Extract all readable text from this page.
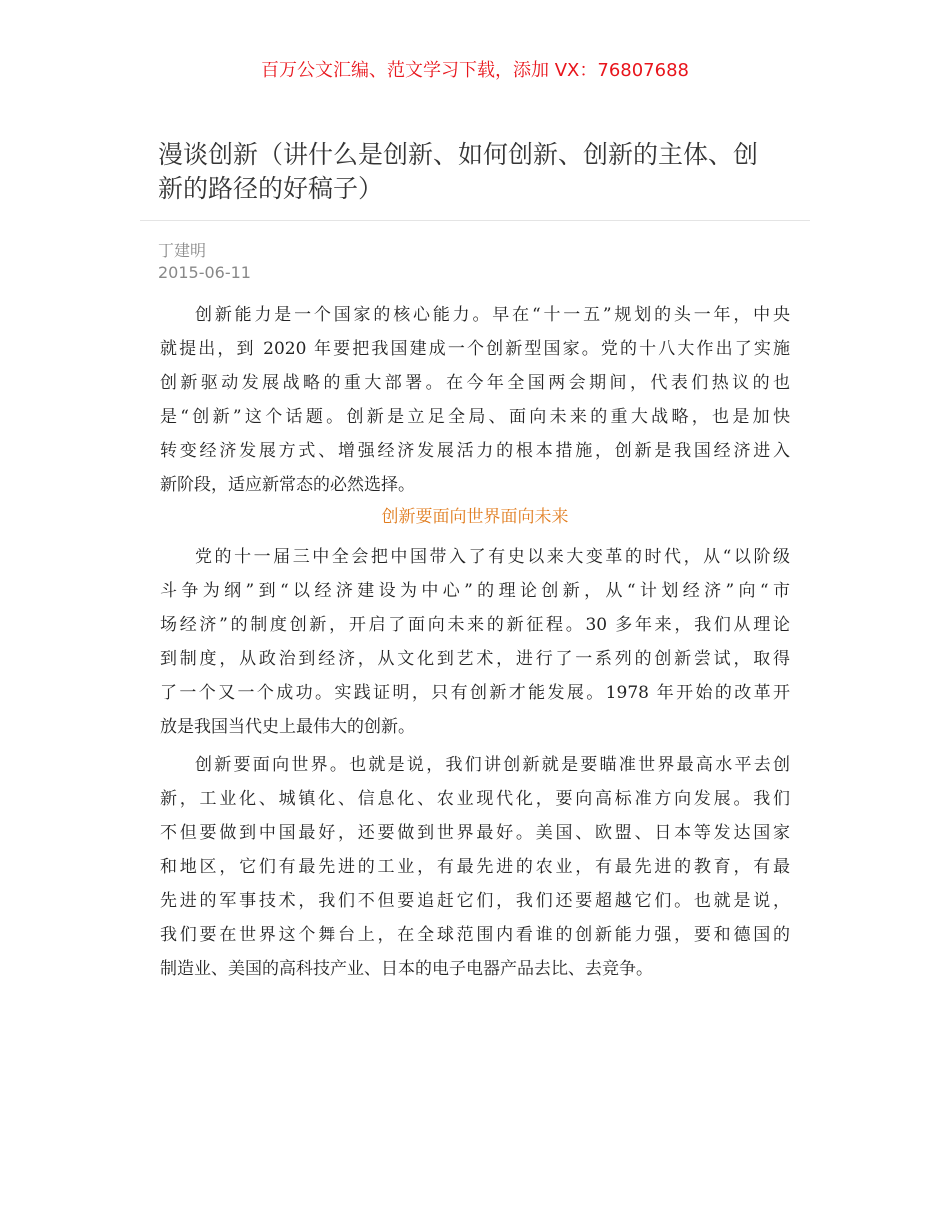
百万公文汇编、范文学习下载，添加 VX：76807688
漫谈创新（讲什么是创新、如何创新、创新的主体、创
新的路径的好稿子）
丁建明
2015-06-11
创新能力是一个国家的核心能力。早在“十一五”规划的头一年，中央
就提出，到 2020 年要把我国建成一个创新型国家。党的十八大作出了实施
创新驱动发展战略的重大部署。在今年全国两会期间，代表们热议的也
是“创新”这个话题。创新是立足全局、面向未来的重大战略，也是加快
转变经济发展方式、增强经济发展活力的根本措施，创新是我国经济进入
新阶段，适应新常态的必然选择。
创新要面向世界面向未来
党的十一届三中全会把中国带入了有史以来大变革的时代，从“以阶级
斗争为纲”到“以经济建设为中心”的理论创新，从“计划经济”向“市
场经济”的制度创新，开启了面向未来的新征程。30 多年来，我们从理论
到制度，从政治到经济，从文化到艺术，进行了一系列的创新尝试，取得
了一个又一个成功。实践证明，只有创新才能发展。1978 年开始的改革开
放是我国当代史上最伟大的创新。
创新要面向世界。也就是说，我们讲创新就是要瞄准世界最高水平去创
新，工业化、城镇化、信息化、农业现代化，要向高标准方向发展。我们
不但要做到中国最好，还要做到世界最好。美国、欧盟、日本等发达国家
和地区，它们有最先进的工业，有最先进的农业，有最先进的教育，有最
先进的军事技术，我们不但要追赶它们，我们还要超越它们。也就是说，
我们要在世界这个舞台上，在全球范围内看谁的创新能力强，要和德国的
制造业、美国的高科技产业、日本的电子电器产品去比、去竞争。
